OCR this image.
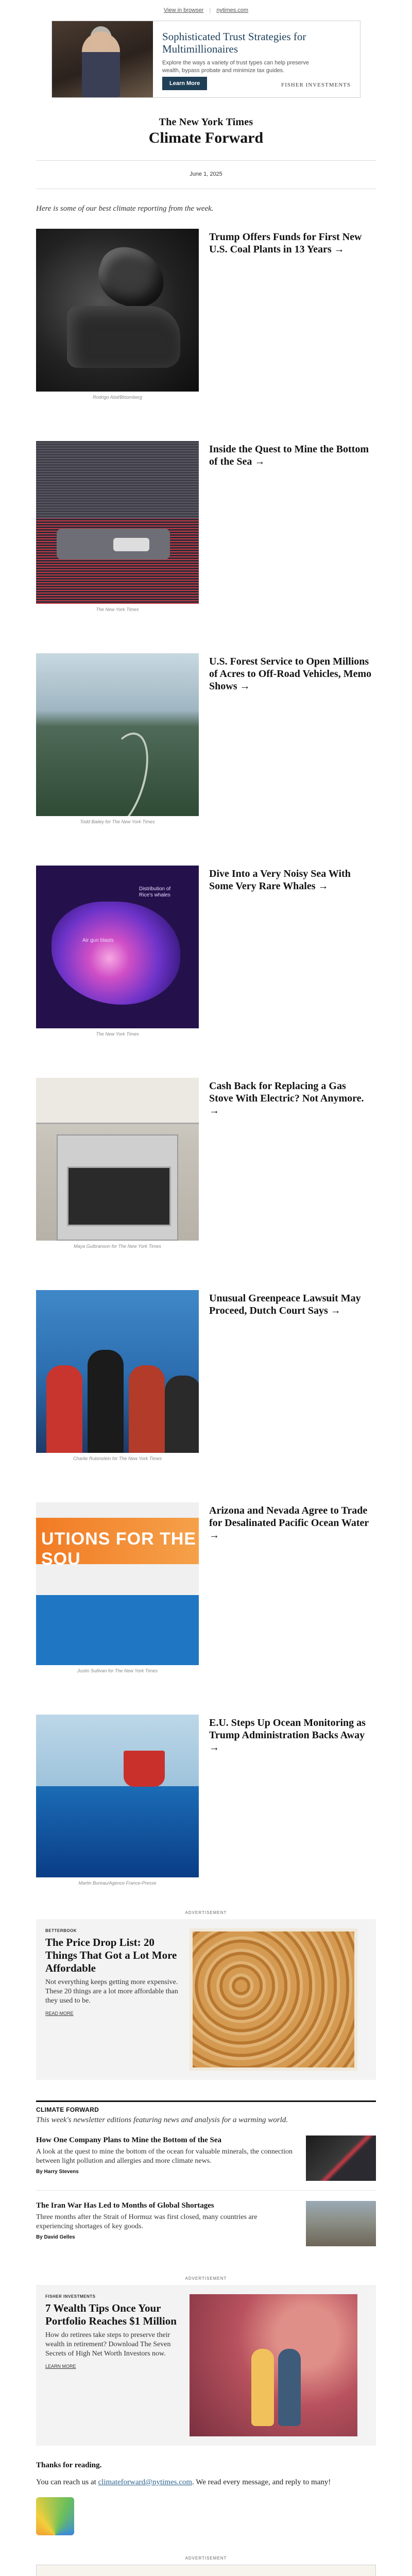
View in browser | nytimes.com
Sophisticated Trust Strategies for Multimillionaires

Explore the ways a variety of trust types can help preserve wealth, bypass probate and minimize tax guides.

Learn More	FISHER INVESTMENTS
The New York Times
Climate Forward
June 1, 2025
Here is some of our best climate reporting from the week.
Rodrigo Abd/Bloomberg
Trump Offers Funds for First New U.S. Coal Plants in 13 Years →
The New York Times
Inside the Quest to Mine the Bottom of the Sea →
Todd Bailey for The New York Times
U.S. Forest Service to Open Millions of Acres to Off-Road Vehicles, Memo Shows →
Distribution of Rice's whales
Air gun blasts
The New York Times
Dive Into a Very Noisy Sea With Some Very Rare Whales →
Maya Gulbranson for The New York Times
Cash Back for Replacing a Gas Stove With Electric? Not Anymore. →
Charlie Rubinstein for The New York Times
Unusual Greenpeace Lawsuit May Proceed, Dutch Court Says →
UTIONS FOR THE SOU
Justin Sullivan for The New York Times
Arizona and Nevada Agree to Trade for Desalinated Pacific Ocean Water →
Martin Bureau/Agence France-Presse
E.U. Steps Up Ocean Monitoring as Trump Administration Backs Away →
ADVERTISEMENT
BETTERBOOK
The Price Drop List: 20 Things That Got a Lot More Affordable

Not everything keeps getting more expensive. These 20 things are a lot more affordable than they used to be.

READ MORE
CLIMATE FORWARD
This week's newsletter editions featuring news and analysis for a warming world.
How One Company Plans to Mine the Bottom of the Sea

A look at the quest to mine the bottom of the ocean for valuable minerals, the connection between light pollution and allergies and more climate news.

By Harry Stevens
The Iran War Has Led to Months of Global Shortages

Three months after the Strait of Hormuz was first closed, many countries are experiencing shortages of key goods.

By David Gelles
ADVERTISEMENT
FISHER INVESTMENTS
7 Wealth Tips Once Your Portfolio Reaches $1 Million

How do retirees take steps to preserve their wealth in retirement? Download The Seven Secrets of High Net Worth Investors now.

LEARN MORE
Thanks for reading.
You can reach us at climateforward@nytimes.com. We read every message, and reply to many!
ADVERTISEMENT
